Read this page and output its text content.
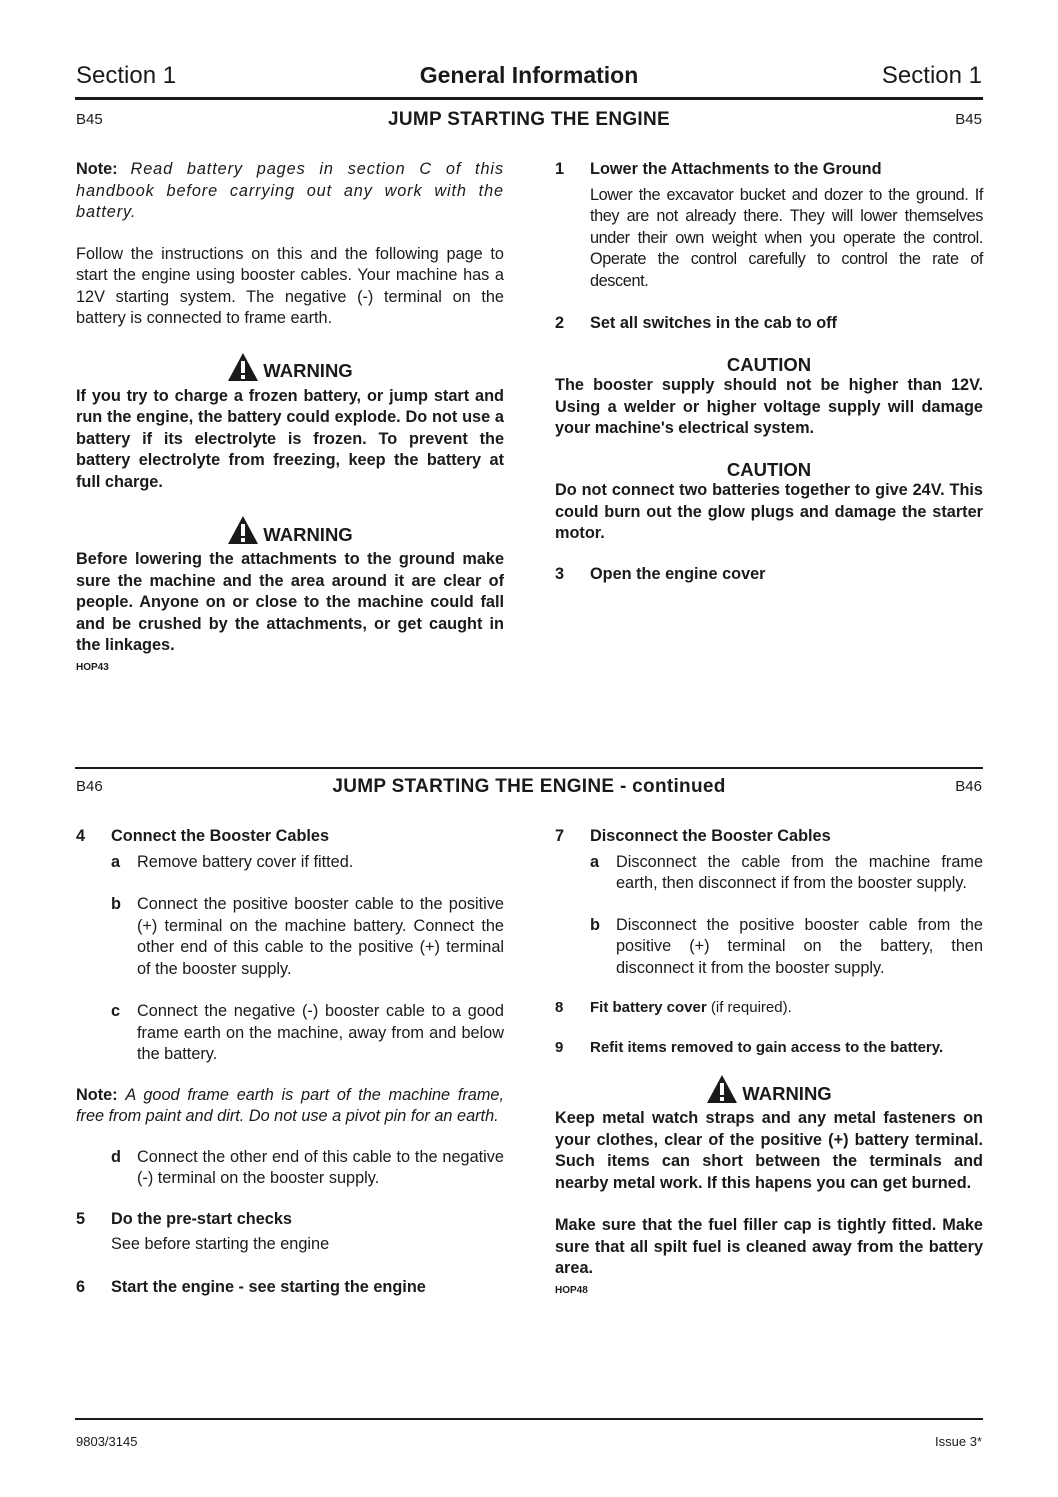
Section 1	General Information	Section 1
B45	JUMP STARTING THE ENGINE	B45

Note: Read battery pages in section C of this handbook before carrying out any work with the battery.

Follow the instructions on this and the following page to start the engine using booster cables. Your machine has a 12V starting system. The negative (-) terminal on the battery is connected to frame earth.

WARNING

If you try to charge a frozen battery, or jump start and run the engine, the battery could explode. Do not use a battery if its electrolyte is frozen. To prevent the battery electrolyte from freezing, keep the battery at full charge.

WARNING

Before lowering the attachments to the ground make sure the machine and the area around it are clear of people. Anyone on or close to the machine could fall and be crushed by the attachments, or get caught in the linkages.

HOP43
1 Lower the Attachments to the Ground

Lower the excavator bucket and dozer to the ground. If they are not already there. They will lower themselves under their own weight when you operate the control. Operate the control carefully to control the rate of descent.

2 Set all switches in the cab to off
CAUTION

The booster supply should not be higher than 12V. Using a welder or higher voltage supply will damage your machine's electrical system.

CAUTION

Do not connect two batteries together to give 24V. This could burn out the glow plugs and damage the starter motor.

3 Open the engine cover
B46	JUMP STARTING THE ENGINE - continued	B46
4 Connect the Booster Cables
a Remove battery cover if fitted.

b Connect the positive booster cable to the positive (+) terminal on the machine battery. Connect the other end of this cable to the positive (+) terminal of the booster supply.

c Connect the negative (-) booster cable to a good frame earth on the machine, away from and below the battery.

Note: A good frame earth is part of the machine frame, free from paint and dirt. Do not use a pivot pin for an earth.

d Connect the other end of this cable to the negative (-) terminal on the booster supply.

5 Do the pre-start checks

See before starting the engine

6 Start the engine - see starting the engine
7 Disconnect the Booster Cables
a Disconnect the cable from the machine frame earth, then disconnect if from the booster supply.

b Disconnect the positive booster cable from the positive (+) terminal on the battery, then disconnect it from the booster supply.

8 Fit battery cover (if required).
9 Refit items removed to gain access to the battery.
WARNING

Keep metal watch straps and any metal fasteners on your clothes, clear of the positive (+) battery terminal. Such items can short between the terminals and nearby metal work. If this hapens you can get burned.

Make sure that the fuel filler cap is tightly fitted. Make sure that all spilt fuel is cleaned away from the battery area.

HOP48
9803/3145	Issue 3*
